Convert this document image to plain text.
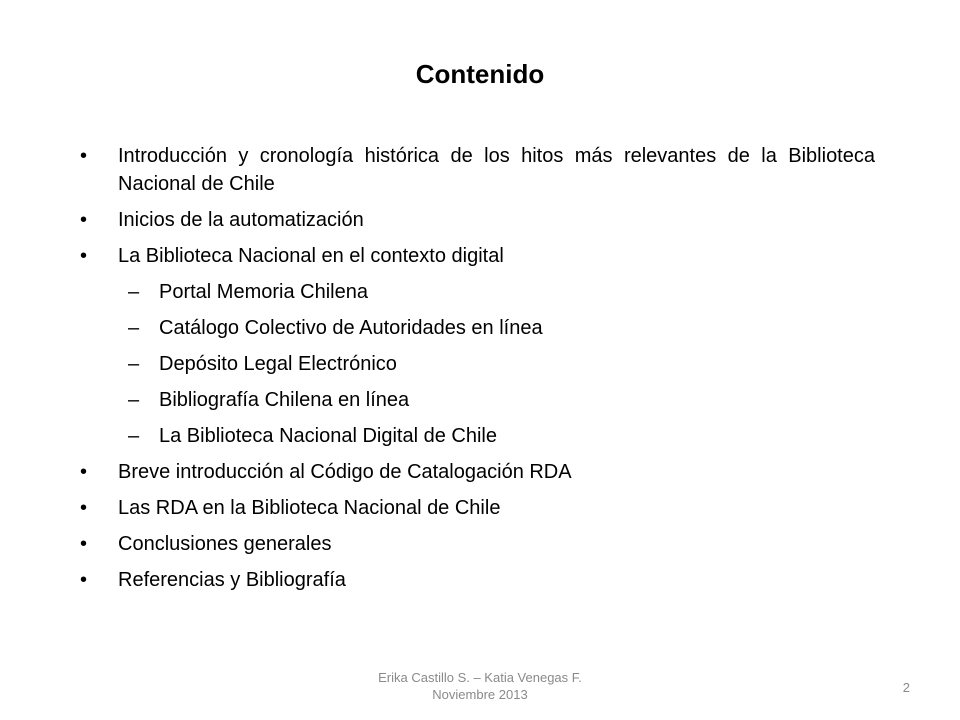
Contenido
•	Introducción y cronología histórica de los hitos más relevantes de la Biblioteca Nacional de Chile
•	Inicios de la automatización
•	La Biblioteca Nacional en el contexto digital
– Portal Memoria Chilena
– Catálogo Colectivo de Autoridades en línea
– Depósito Legal Electrónico
– Bibliografía Chilena en línea
– La Biblioteca Nacional Digital de Chile
•	Breve introducción al Código de Catalogación RDA
•	Las RDA en la Biblioteca Nacional de Chile
•	Conclusiones generales
•	Referencias y Bibliografía
Erika Castillo S. – Katia Venegas F.
Noviembre 2013	2
